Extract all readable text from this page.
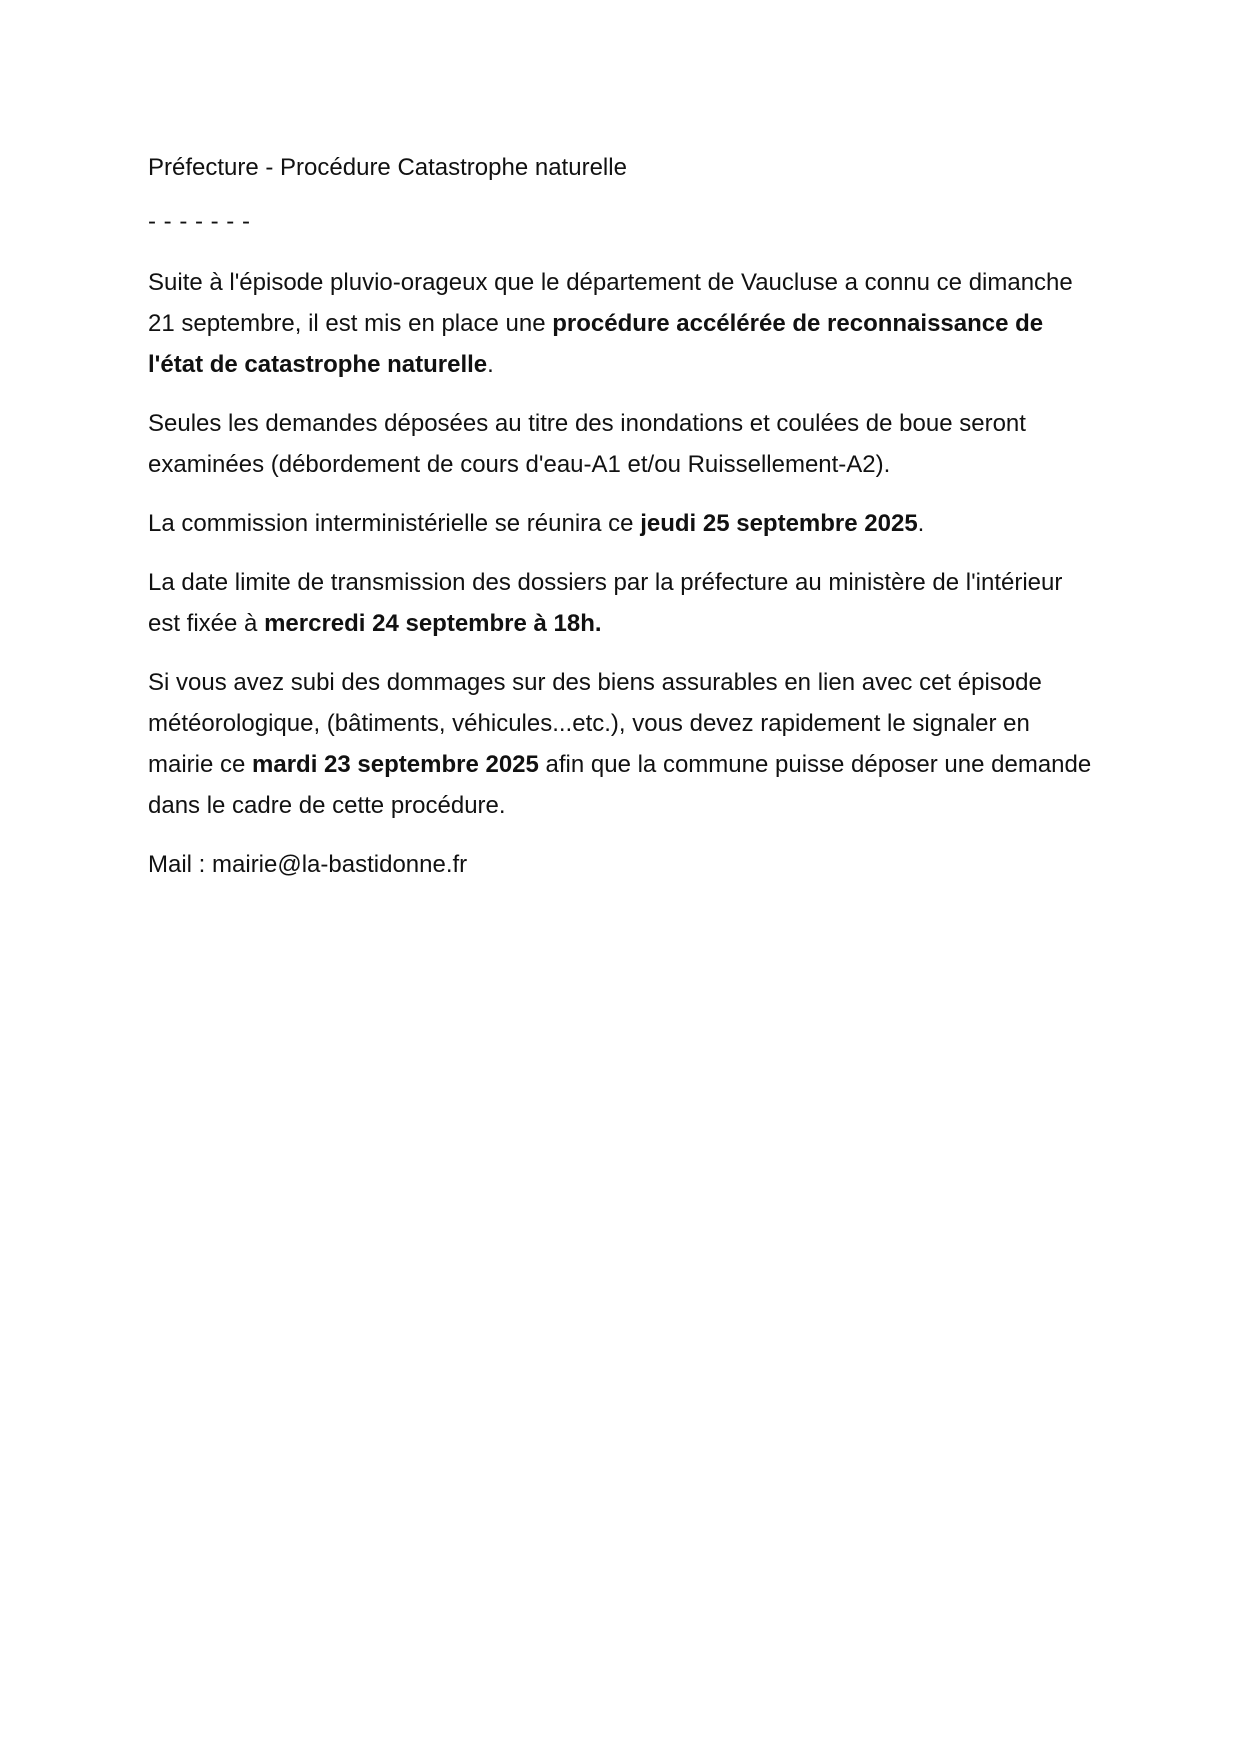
Préfecture - Procédure Catastrophe naturelle
- - - - - - -

Suite à l'épisode pluvio-orageux que le département de Vaucluse a connu ce dimanche 21 septembre, il est mis en place une procédure accélérée de reconnaissance de l'état de catastrophe naturelle.

Seules les demandes déposées au titre des inondations et coulées de boue seront examinées (débordement de cours d'eau-A1 et/ou Ruissellement-A2).

La commission interministérielle se réunira ce jeudi 25 septembre 2025.

La date limite de transmission des dossiers par la préfecture au ministère de l'intérieur est fixée à mercredi 24 septembre à 18h.

Si vous avez subi des dommages sur des biens assurables en lien avec cet épisode météorologique, (bâtiments, véhicules...etc.), vous devez rapidement le signaler en mairie ce mardi 23 septembre 2025 afin que la commune puisse déposer une demande dans le cadre de cette procédure.

Mail : mairie@la-bastidonne.fr
